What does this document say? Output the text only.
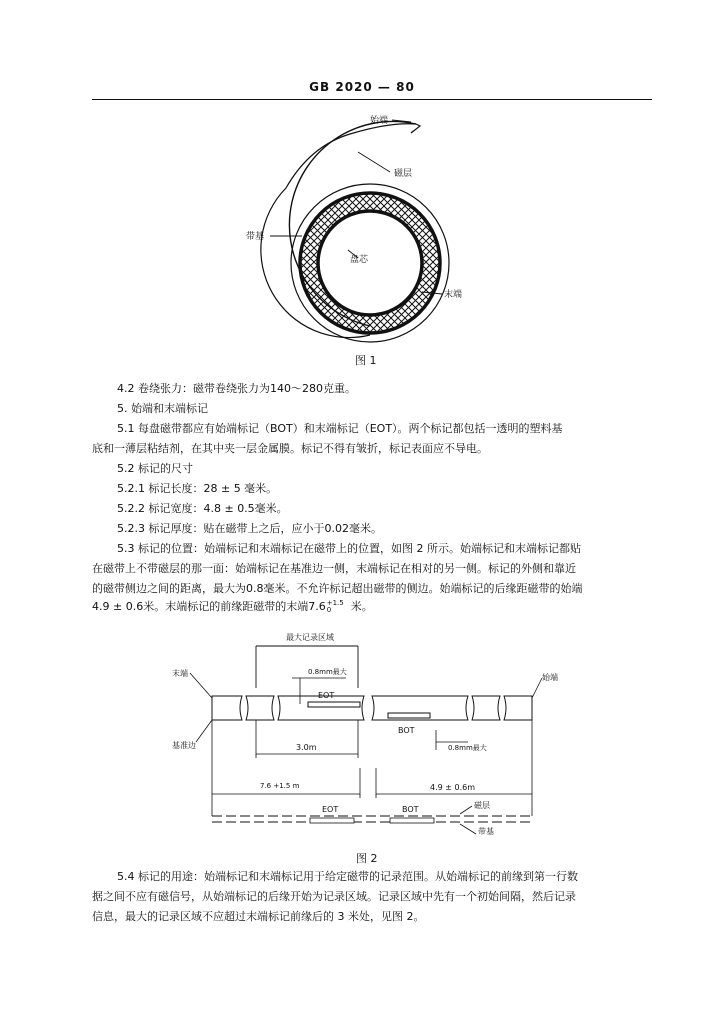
GB 2020 — 80
始端
磁层
带基
盘芯
末端
图 1
4.2 卷绕张力：磁带卷绕张力为140～280克重。
5. 始端和末端标记
5.1 每盘磁带都应有始端标记（BOT）和末端标记（EOT）。两个标记都包括一透明的塑料基
底和一薄层粘结剂，在其中夹一层金属膜。标记不得有皱折，标记表面应不导电。
5.2 标记的尺寸
5.2.1 标记长度：28 ± 5 毫米。
5.2.2 标记宽度：4.8 ± 0.5毫米。
5.2.3 标记厚度：贴在磁带上之后，应小于0.02毫米。
5.3 标记的位置：始端标记和末端标记在磁带上的位置，如图 2 所示。始端标记和末端标记都贴
在磁带上不带磁层的那一面：始端标记在基准边一侧，末端标记在相对的另一侧。标记的外侧和靠近
的磁带侧边之间的距离，最大为0.8毫米。不允许标记超出磁带的侧边。始端标记的后缘距磁带的始端
4.9 ± 0.6米。末端标记的前缘距磁带的末端7.6 +1.5
0	米。
最大记录区域
EOT
BOT
0.8mm最大
0.8mm最大
末端	始端
基准边	3.0m
7.6 +1.5 m	4.9 ± 0.6m
EOT	BOT	磁层
带基
图 2
5.4 标记的用途：始端标记和末端标记用于给定磁带的记录范围。从始端标记的前缘到第一行数
据之间不应有磁信号，从始端标记的后缘开始为记录区域。记录区域中先有一个初始间隔，然后记录
信息，最大的记录区域不应超过末端标记前缘后的 3 米处，见图 2。
